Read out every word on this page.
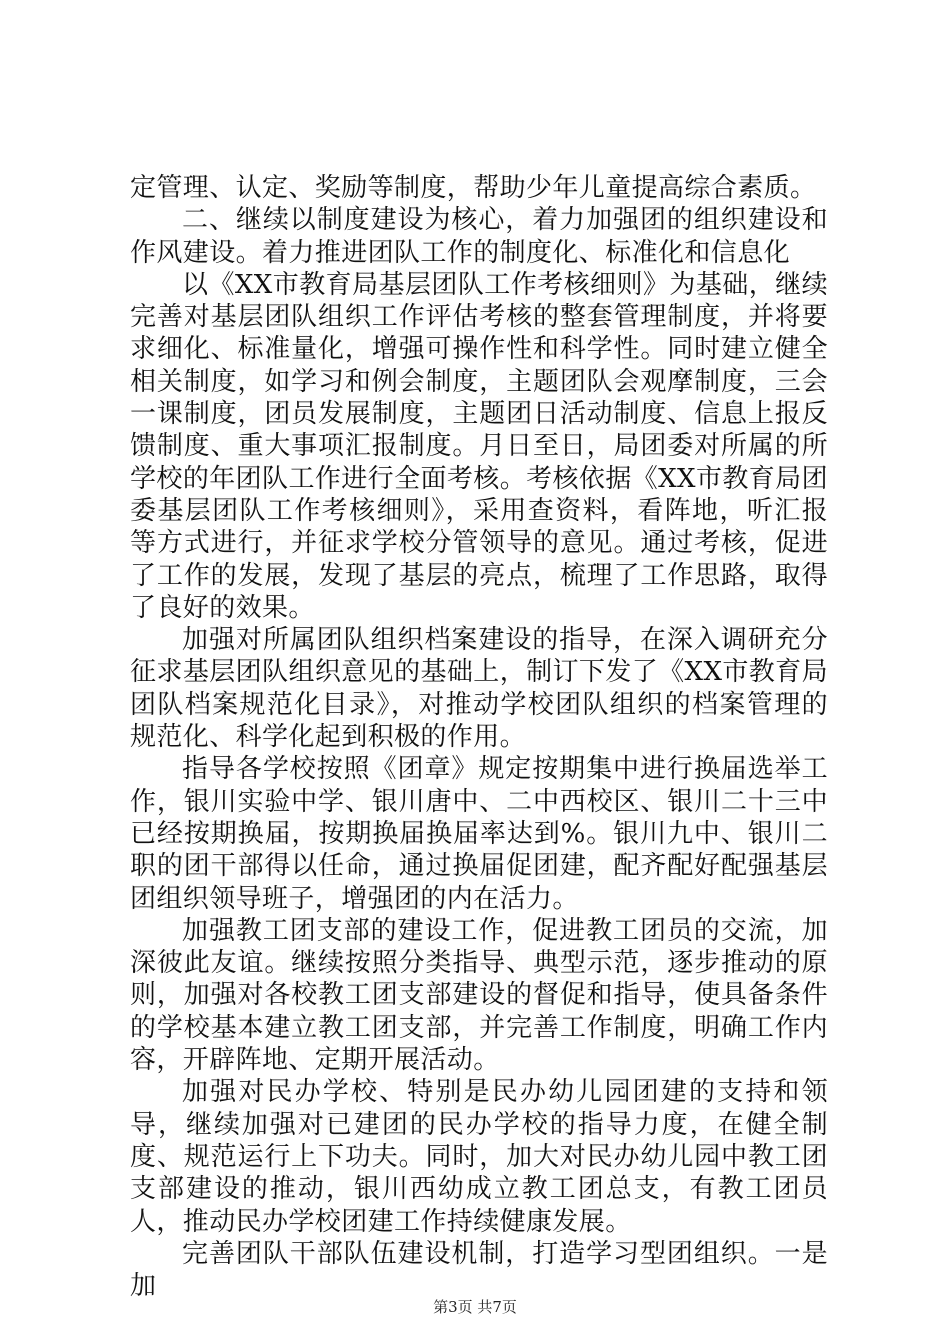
定管理、认定、奖励等制度，帮助少年儿童提高综合素质。

二、继续以制度建设为核心，着力加强团的组织建设和作风建设。着力推进团队工作的制度化、标准化和信息化

以《XX市教育局基层团队工作考核细则》为基础，继续完善对基层团队组织工作评估考核的整套管理制度，并将要求细化、标准量化，增强可操作性和科学性。同时建立健全相关制度，如学习和例会制度，主题团队会观摩制度，三会一课制度，团员发展制度，主题团日活动制度、信息上报反馈制度、重大事项汇报制度。月日至日，局团委对所属的所学校的年团队工作进行全面考核。考核依据《XX市教育局团委基层团队工作考核细则》，采用查资料，看阵地，听汇报等方式进行，并征求学校分管领导的意见。通过考核，促进了工作的发展，发现了基层的亮点，梳理了工作思路，取得了良好的效果。

加强对所属团队组织档案建设的指导，在深入调研充分征求基层团队组织意见的基础上，制订下发了《XX市教育局团队档案规范化目录》，对推动学校团队组织的档案管理的规范化、科学化起到积极的作用。

指导各学校按照《团章》规定按期集中进行换届选举工作，银川实验中学、银川唐中、二中西校区、银川二十三中已经按期换届，按期换届换届率达到%。银川九中、银川二职的团干部得以任命，通过换届促团建，配齐配好配强基层团组织领导班子，增强团的内在活力。

加强教工团支部的建设工作，促进教工团员的交流，加深彼此友谊。继续按照分类指导、典型示范，逐步推动的原则，加强对各校教工团支部建设的督促和指导，使具备条件的学校基本建立教工团支部，并完善工作制度，明确工作内容，开辟阵地、定期开展活动。

加强对民办学校、特别是民办幼儿园团建的支持和领导，继续加强对已建团的民办学校的指导力度，在健全制度、规范运行上下功夫。同时，加大对民办幼儿园中教工团支部建设的推动，银川西幼成立教工团总支，有教工团员人，推动民办学校团建工作持续健康发展。

完善团队干部队伍建设机制，打造学习型团组织。一是加

第3页 共7页
